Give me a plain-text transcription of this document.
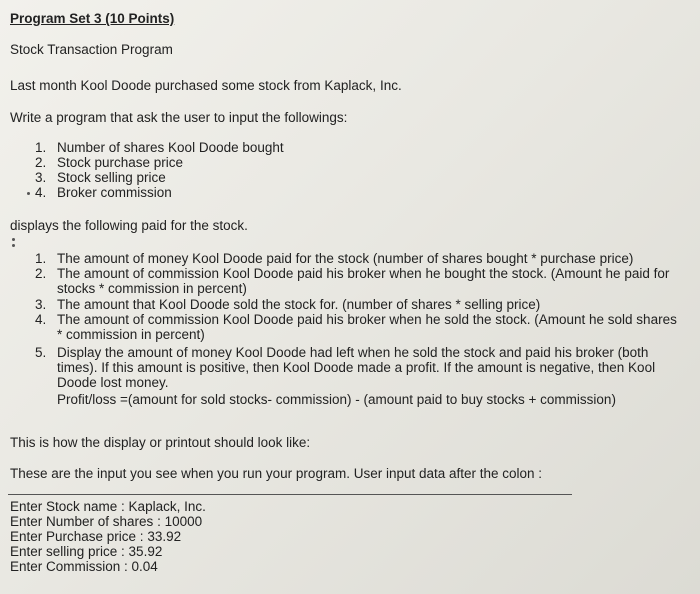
Program Set 3 (10 Points)
Stock Transaction Program
Last month Kool Doode purchased some stock from Kaplack, Inc.
Write a program that ask the user to input the followings:
1. Number of shares Kool Doode bought
2. Stock purchase price
3. Stock selling price
4. Broker commission
displays the following paid for the stock.
1. The amount of money Kool Doode paid for the stock (number of shares bought * purchase price)
2. The amount of commission Kool Doode paid his broker when he bought the stock. (Amount he paid for
stocks * commission in percent)
3. The amount that Kool Doode sold the stock for. (number of shares * selling price)
4. The amount of commission Kool Doode paid his broker when he sold the stock. (Amount he sold shares
* commission in percent)
5. Display the amount of money Kool Doode had left when he sold the stock and paid his broker (both
times). If this amount is positive, then Kool Doode made a profit. If the amount is negative, then Kool
Doode lost money.
Profit/loss =(amount for sold stocks- commission) - (amount paid to buy stocks + commission)
This is how the display or printout should look like:
These are the input you see when you run your program. User input data after the colon :
Enter Stock name : Kaplack, Inc.
Enter Number of shares : 10000
Enter Purchase price : 33.92
Enter selling price : 35.92
Enter Commission : 0.04
